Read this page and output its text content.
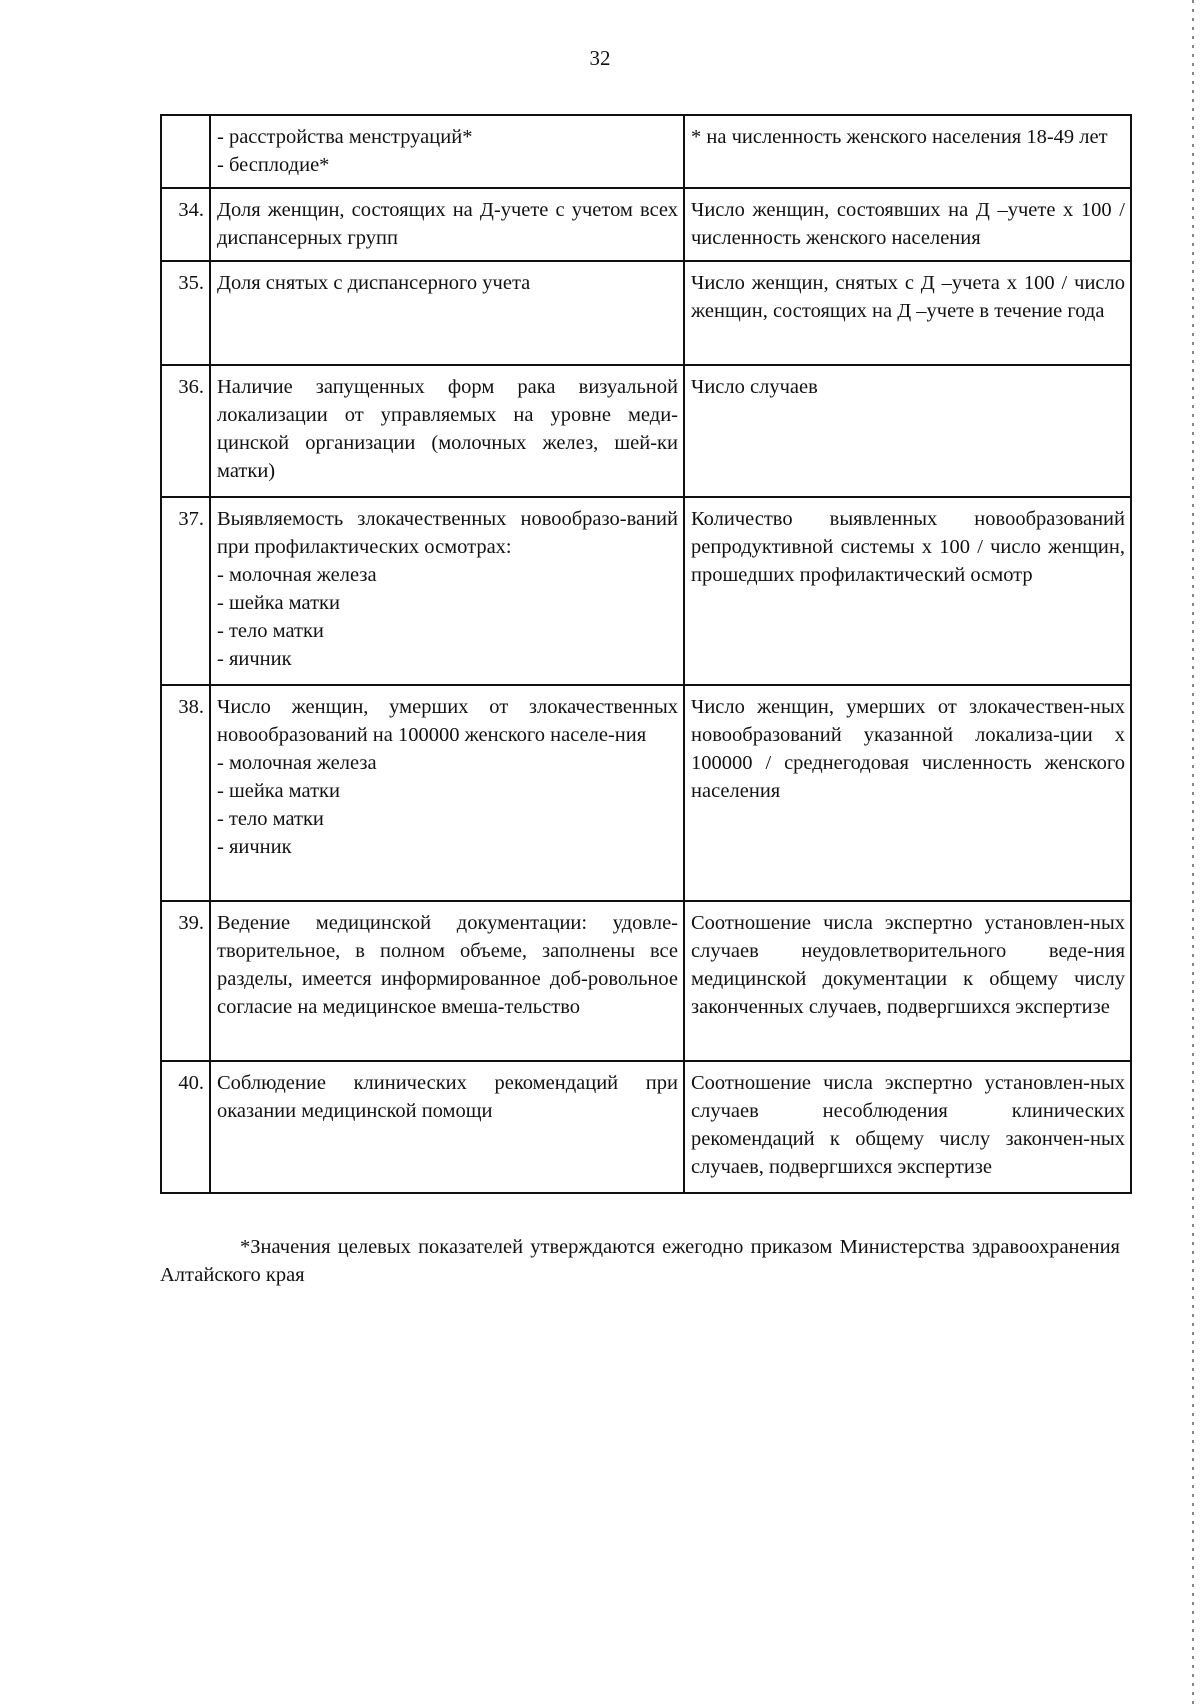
32

	- расстройства менструаций*
- бесплодие*	* на численность женского населения 18-49 лет
34.	Доля женщин, состоящих на Д-учете с учетом всех диспансерных групп	Число женщин, состоявших на Д –учете х 100 / численность женского населения
35.	Доля снятых с диспансерного учета	Число женщин, снятых с Д –учета х 100 / число женщин, состоящих на Д –учете в течение года
36.	Наличие запущенных форм рака визуальной локализации от управляемых на уровне меди-цинской организации (молочных желез, шей-ки матки)	Число случаев
37.	Выявляемость злокачественных новообразо-ваний при профилактических осмотрах:
- молочная железа
- шейка матки
- тело матки
- яичник	Количество выявленных новообразований репродуктивной системы х 100 / число женщин, прошедших профилактический осмотр
38.	Число женщин, умерших от злокачественных новообразований на 100000 женского населе-ния
- молочная железа
- шейка матки
- тело матки
- яичник	Число женщин, умерших от злокачествен-ных новообразований указанной локализа-ции х 100000 / среднегодовая численность женского населения
39.	Ведение медицинской документации: удовле-творительное, в полном объеме, заполнены все разделы, имеется информированное доб-ровольное согласие на медицинское вмеша-тельство	Соотношение числа экспертно установлен-ных случаев неудовлетворительного веде-ния медицинской документации к общему числу законченных случаев, подвергшихся экспертизе
40.	Соблюдение клинических рекомендаций при оказании медицинской помощи	Соотношение числа экспертно установлен-ных случаев несоблюдения клинических рекомендаций к общему числу закончен-ных случаев, подвергшихся экспертизе
*Значения целевых показателей утверждаются ежегодно приказом Министерства здравоохранения Алтайского края
